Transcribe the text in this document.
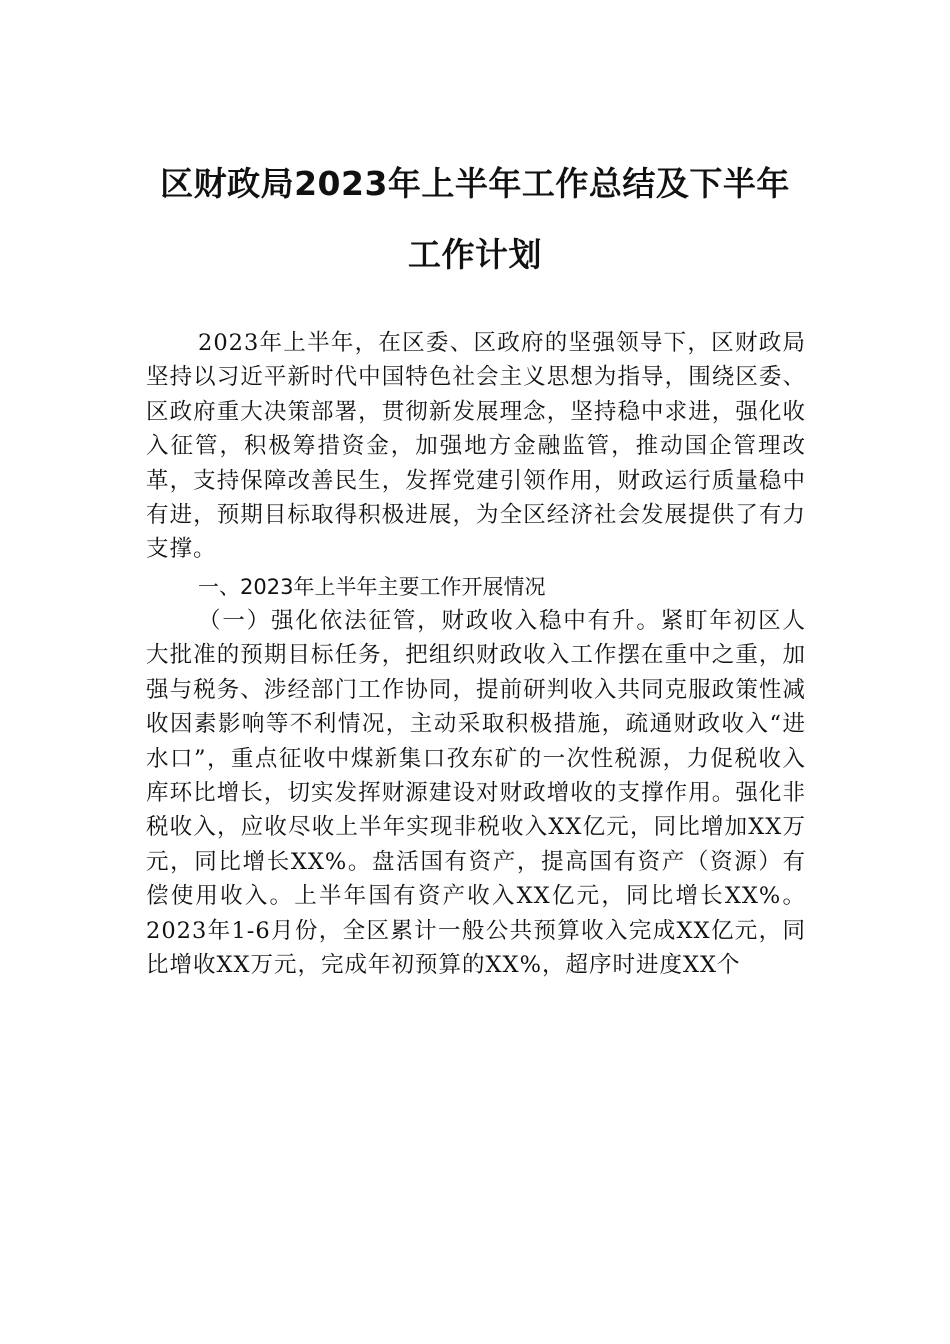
区财政局2023年上半年工作总结及下半年
工作计划
2023年上半年，在区委、区政府的坚强领导下，区财政局坚持以习近平新时代中国特色社会主义思想为指导，围绕区委、区政府重大决策部署，贯彻新发展理念，坚持稳中求进，强化收入征管，积极筹措资金，加强地方金融监管，推动国企管理改革，支持保障改善民生，发挥党建引领作用，财政运行质量稳中有进，预期目标取得积极进展，为全区经济社会发展提供了有力支撑。
一、2023年上半年主要工作开展情况
（一）强化依法征管，财政收入稳中有升。紧盯年初区人大批准的预期目标任务，把组织财政收入工作摆在重中之重，加强与税务、涉经部门工作协同，提前研判收入共同克服政策性减收因素影响等不利情况，主动采取积极措施，疏通财政收入“进水口”，重点征收中煤新集口孜东矿的一次性税源，力促税收入库环比增长，切实发挥财源建设对财政增收的支撑作用。强化非税收入，应收尽收上半年实现非税收入XX亿元，同比增加XX万元，同比增长XX%。盘活国有资产，提高国有资产（资源）有偿使用收入。上半年国有资产收入XX亿元，同比增长XX%。2023年1-6月份，全区累计一般公共预算收入完成XX亿元，同比增收XX万元，完成年初预算的XX%，超序时进度XX个
